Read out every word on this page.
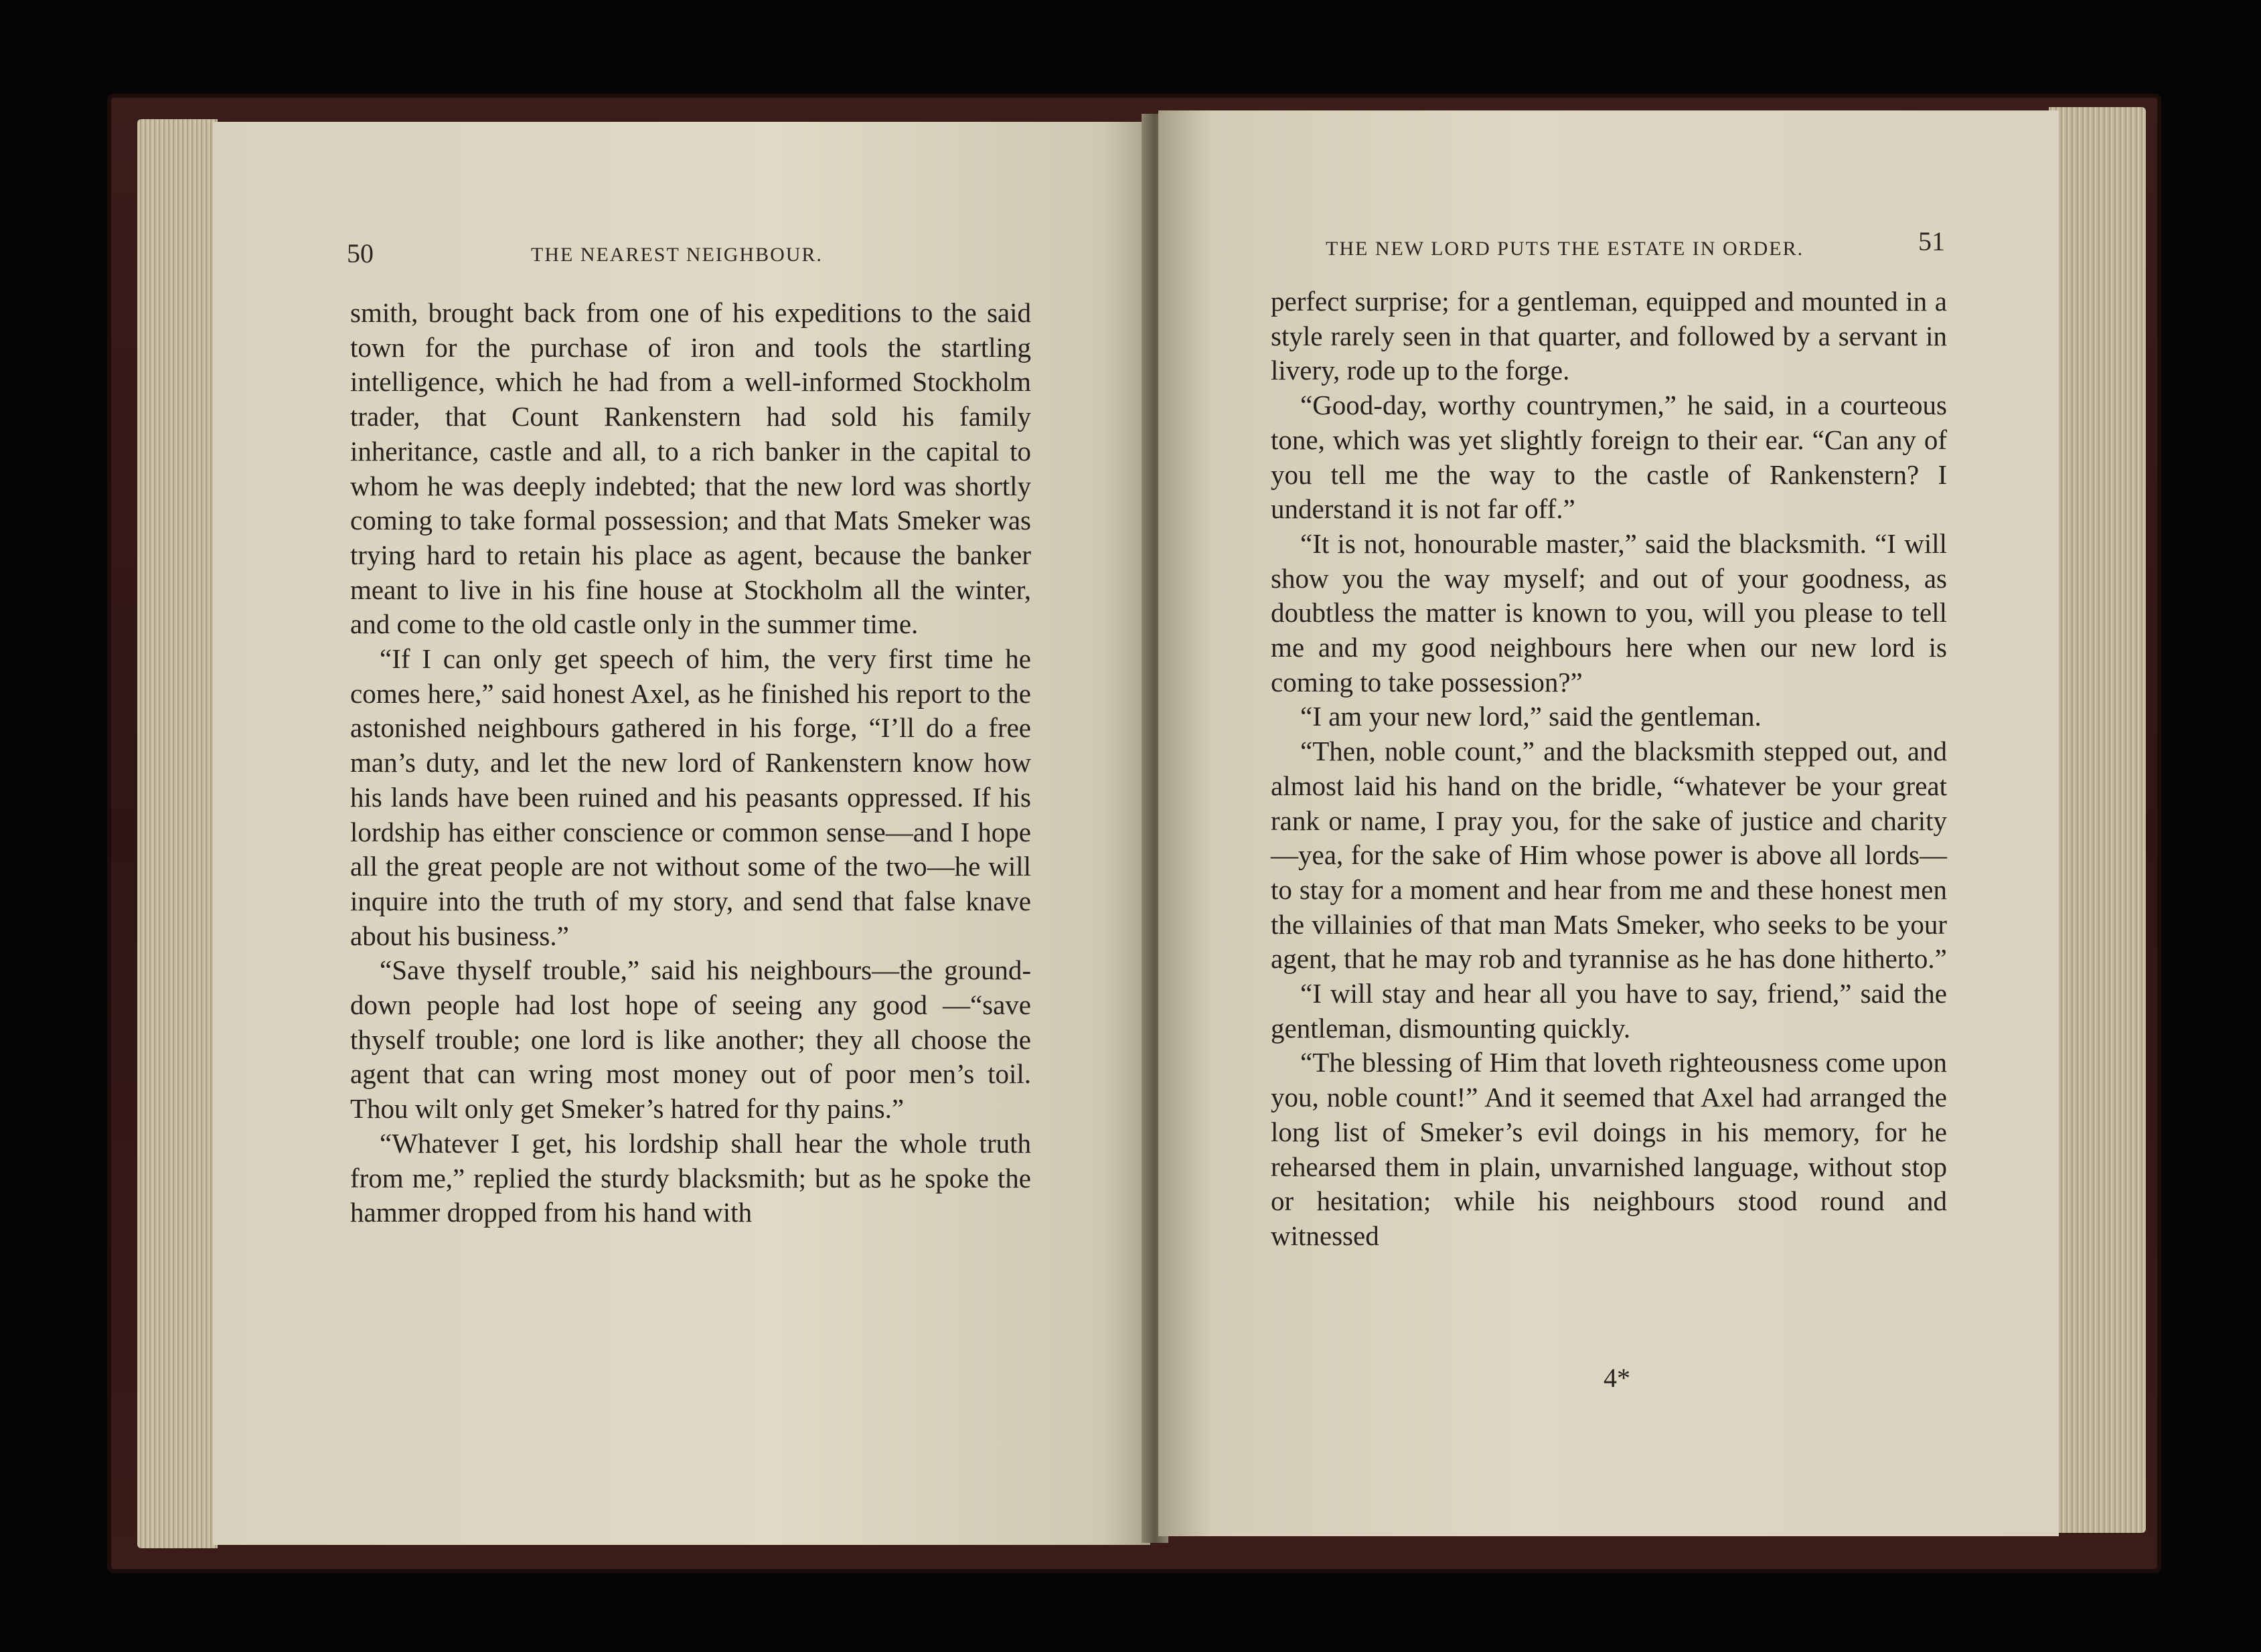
50	THE NEAREST NEIGHBOUR.

smith, brought back from one of his expeditions to the said town for the purchase of iron and tools the startling intelligence, which he had from a well-informed Stockholm trader, that Count Rankenstern had sold his family inheritance, castle and all, to a rich banker in the capital to whom he was deeply indebted; that the new lord was shortly coming to take formal possession; and that Mats Smeker was trying hard to retain his place as agent, because the banker meant to live in his fine house at Stockholm all the winter, and come to the old castle only in the summer time.

“If I can only get speech of him, the very first time he comes here,” said honest Axel, as he finished his report to the astonished neighbours gathered in his forge, “I’ll do a free man’s duty, and let the new lord of Rankenstern know how his lands have been ruined and his peasants oppressed. If his lordship has either conscience or common sense—and I hope all the great people are not without some of the two—he will inquire into the truth of my story, and send that false knave about his business.”

“Save thyself trouble,” said his neighbours—the ground-down people had lost hope of seeing any good —“save thyself trouble; one lord is like another; they all choose the agent that can wring most money out of poor men’s toil. Thou wilt only get Smeker’s hatred for thy pains.”

“Whatever I get, his lordship shall hear the whole truth from me,” replied the sturdy blacksmith; but as he spoke the hammer dropped from his hand with

THE NEW LORD PUTS THE ESTATE IN ORDER.	51

perfect surprise; for a gentleman, equipped and mounted in a style rarely seen in that quarter, and followed by a servant in livery, rode up to the forge.

“Good-day, worthy countrymen,” he said, in a courteous tone, which was yet slightly foreign to their ear. “Can any of you tell me the way to the castle of Rankenstern? I understand it is not far off.”

“It is not, honourable master,” said the blacksmith. “I will show you the way myself; and out of your goodness, as doubtless the matter is known to you, will you please to tell me and my good neighbours here when our new lord is coming to take possession?”

“I am your new lord,” said the gentleman.

“Then, noble count,” and the blacksmith stepped out, and almost laid his hand on the bridle, “whatever be your great rank or name, I pray you, for the sake of justice and charity—yea, for the sake of Him whose power is above all lords—to stay for a moment and hear from me and these honest men the villainies of that man Mats Smeker, who seeks to be your agent, that he may rob and tyrannise as he has done hitherto.”

“I will stay and hear all you have to say, friend,” said the gentleman, dismounting quickly.

“The blessing of Him that loveth righteousness come upon you, noble count!” And it seemed that Axel had arranged the long list of Smeker’s evil doings in his memory, for he rehearsed them in plain, unvarnished language, without stop or hesitation; while his neighbours stood round and witnessed

4*
